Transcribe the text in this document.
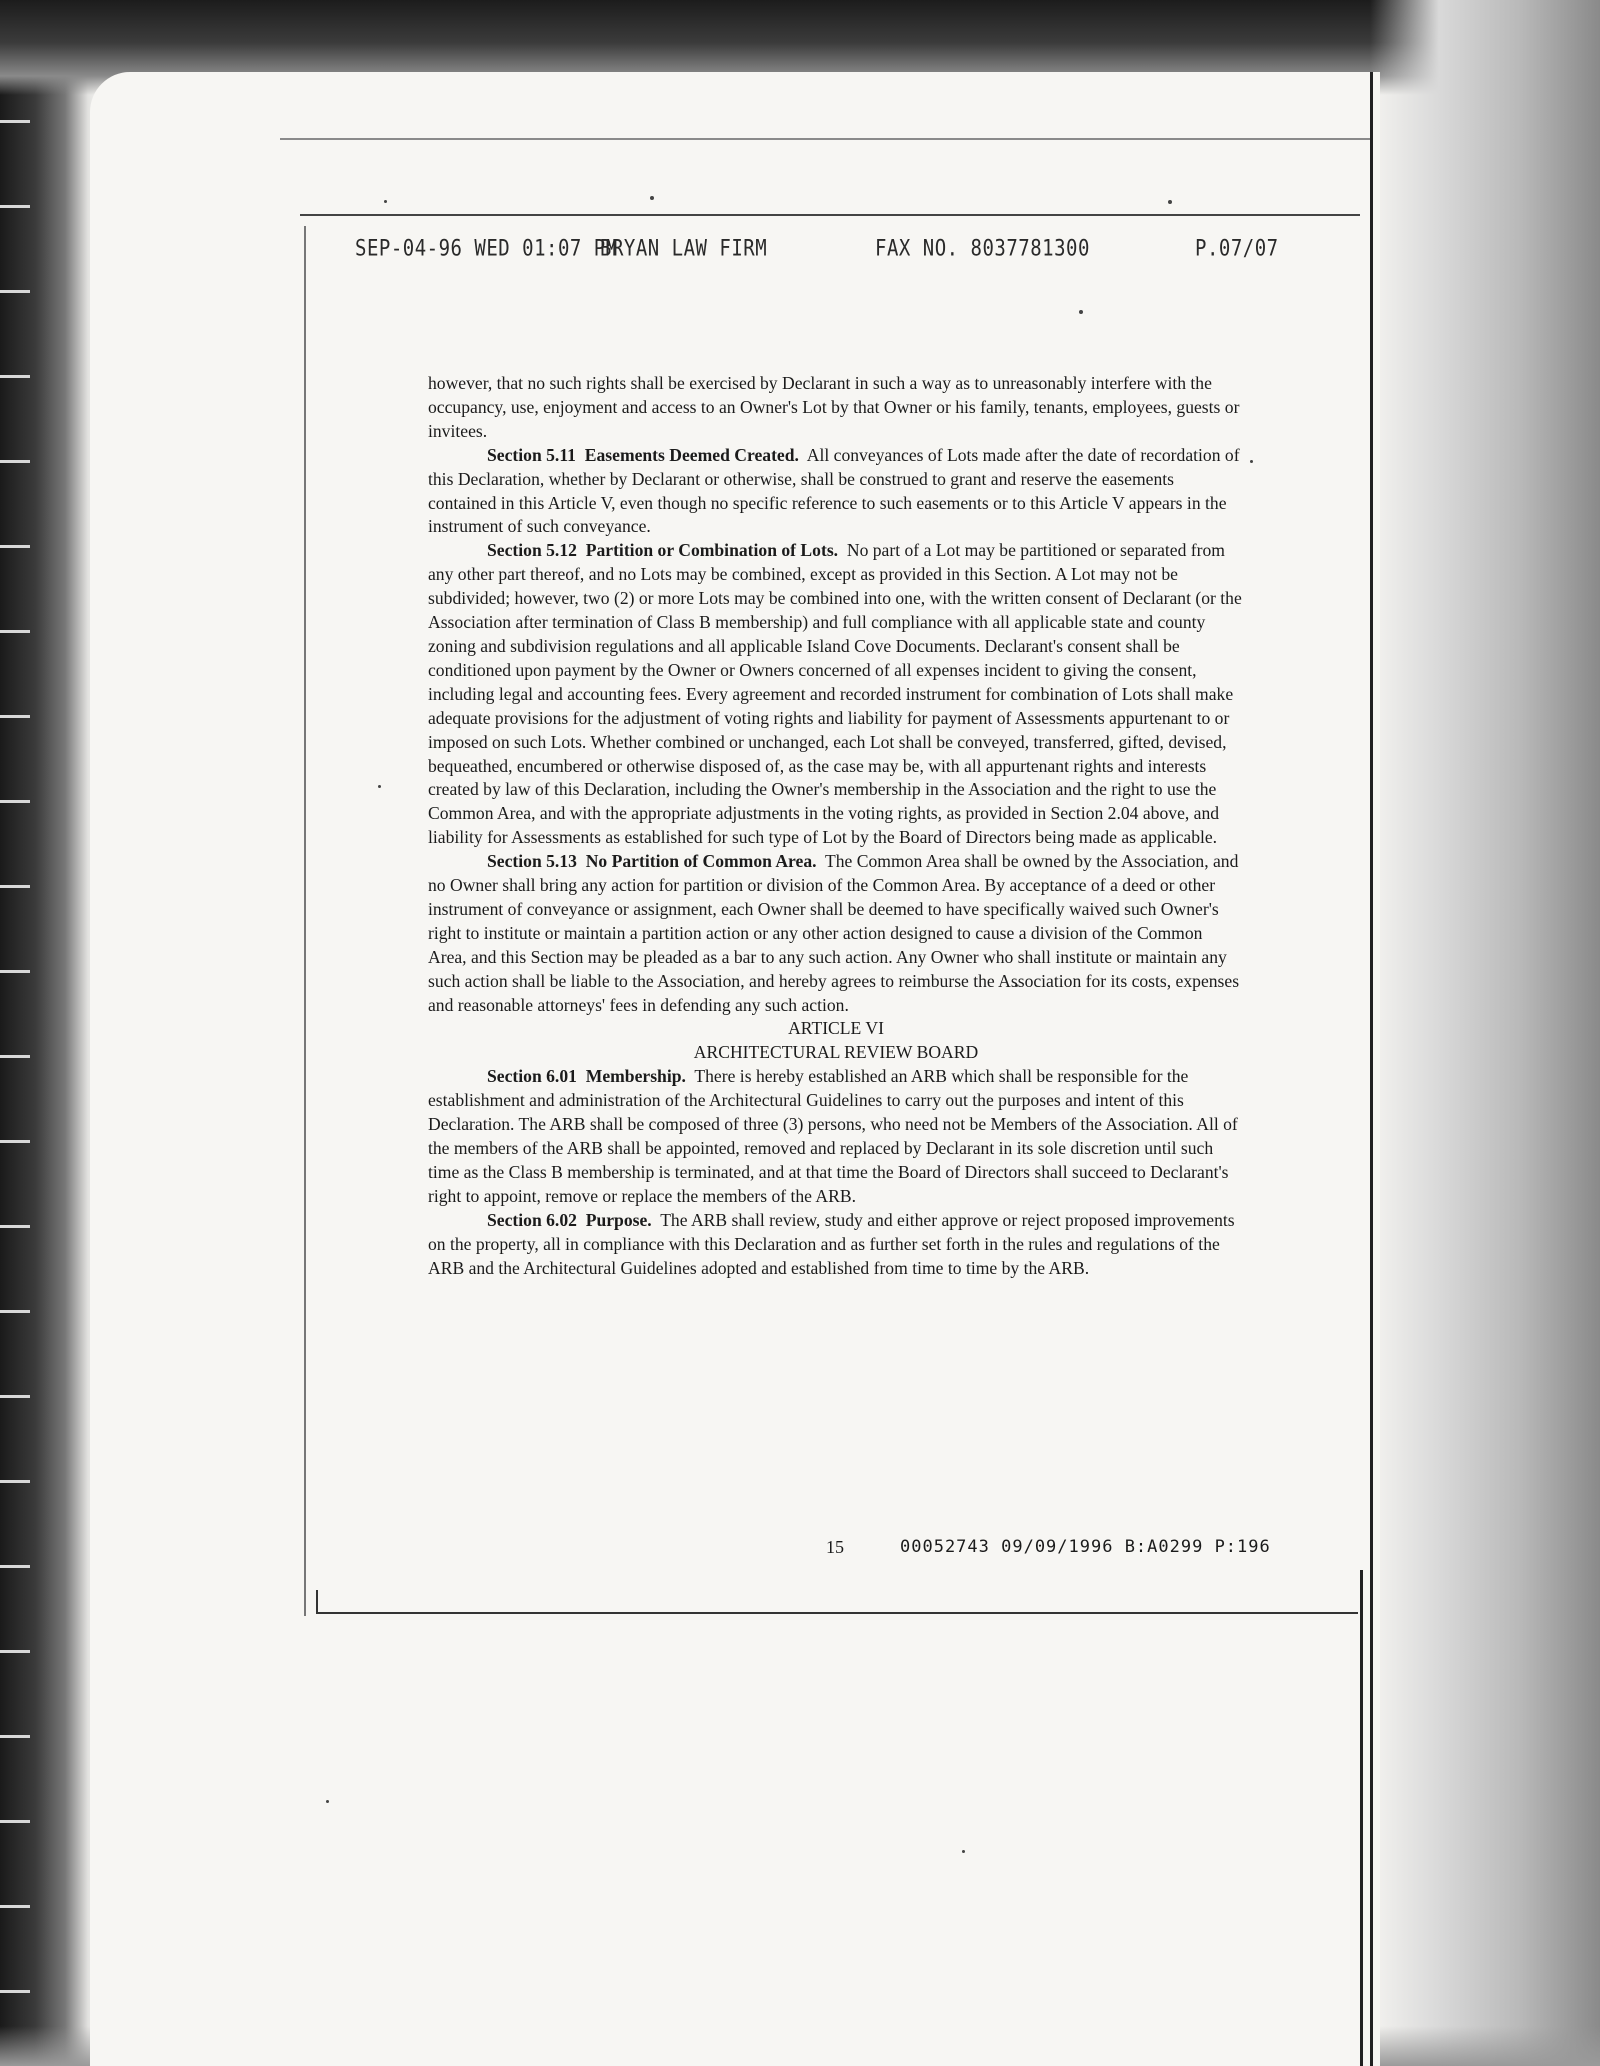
SEP-04-96 WED 01:07 PM
BRYAN LAW FIRM	FAX NO. 8037781300	P.07/07

however, that no such rights shall be exercised by Declarant in such a way as to unreasonably interfere with the occupancy, use, enjoyment and access to an Owner's Lot by that Owner or his family, tenants, employees, guests or invitees.

Section 5.11 Easements Deemed Created. All conveyances of Lots made after the date of recordation of this Declaration, whether by Declarant or otherwise, shall be construed to grant and reserve the easements contained in this Article V, even though no specific reference to such easements or to this Article V appears in the instrument of such conveyance.

Section 5.12 Partition or Combination of Lots. No part of a Lot may be partitioned or separated from any other part thereof, and no Lots may be combined, except as provided in this Section. A Lot may not be subdivided; however, two (2) or more Lots may be combined into one, with the written consent of Declarant (or the Association after termination of Class B membership) and full compliance with all applicable state and county zoning and subdivision regulations and all applicable Island Cove Documents. Declarant's consent shall be conditioned upon payment by the Owner or Owners concerned of all expenses incident to giving the consent, including legal and accounting fees. Every agreement and recorded instrument for combination of Lots shall make adequate provisions for the adjustment of voting rights and liability for payment of Assessments appurtenant to or imposed on such Lots. Whether combined or unchanged, each Lot shall be conveyed, transferred, gifted, devised, bequeathed, encumbered or otherwise disposed of, as the case may be, with all appurtenant rights and interests created by law of this Declaration, including the Owner's membership in the Association and the right to use the Common Area, and with the appropriate adjustments in the voting rights, as provided in Section 2.04 above, and liability for Assessments as established for such type of Lot by the Board of Directors being made as applicable.

Section 5.13 No Partition of Common Area. The Common Area shall be owned by the Association, and no Owner shall bring any action for partition or division of the Common Area. By acceptance of a deed or other instrument of conveyance or assignment, each Owner shall be deemed to have specifically waived such Owner's right to institute or maintain a partition action or any other action designed to cause a division of the Common Area, and this Section may be pleaded as a bar to any such action. Any Owner who shall institute or maintain any such action shall be liable to the Association, and hereby agrees to reimburse the Association for its costs, expenses and reasonable attorneys' fees in defending any such action.

ARTICLE VI

ARCHITECTURAL REVIEW BOARD

Section 6.01 Membership. There is hereby established an ARB which shall be responsible for the establishment and administration of the Architectural Guidelines to carry out the purposes and intent of this Declaration. The ARB shall be composed of three (3) persons, who need not be Members of the Association. All of the members of the ARB shall be appointed, removed and replaced by Declarant in its sole discretion until such time as the Class B membership is terminated, and at that time the Board of Directors shall succeed to Declarant's right to appoint, remove or replace the members of the ARB.

Section 6.02 Purpose. The ARB shall review, study and either approve or reject proposed improvements on the property, all in compliance with this Declaration and as further set forth in the rules and regulations of the ARB and the Architectural Guidelines adopted and established from time to time by the ARB.

15	00052743 09/09/1996 B:A0299 P:196
